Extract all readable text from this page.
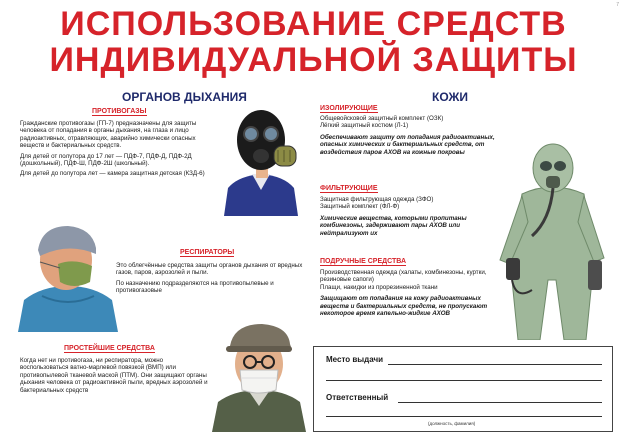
7
ИСПОЛЬЗОВАНИЕ СРЕДСТВ
ИНДИВИДУАЛЬНОЙ ЗАЩИТЫ
ОРГАНОВ ДЫХАНИЯ
ПРОТИВОГАЗЫ

Гражданские противогазы (ГП-7) предназначены для защиты человека от попадания в органы дыхания, на глаза и лицо радиоактивных, отравляющих, аварийно химически опасных веществ и бактериальных средств.

Для детей от полутора до 17 лет — ПДФ-7, ПДФ-Д, ПДФ-2Д (дошкольный), ПДФ-Ш, ПДФ-2Ш (школьный).

Для детей до полутора лет — камера защитная детская (КЗД-6)

РЕСПИРАТОРЫ

Это облегчённые средства защиты органов дыхания от вредных газов, паров, аэрозолей и пыли.

По назначению подразделяются на противопылевые и противогазовые

ПРОСТЕЙШИЕ СРЕДСТВА

Когда нет ни противогаза, ни респиратора, можно воспользоваться ватно-марлевой повязкой (ВМП) или противопылевой тканевой маской (ПТМ). Они защищают органы дыхания человека от радиоактивной пыли, вредных аэрозолей и бактериальных средств

КОЖИ
ИЗОЛИРУЮЩИЕ
Общевойсковой защитный комплект (ОЗК)
Лёгкий защитный костюм (Л-1)
Обеспечивают защиту от попадания радиоактивных, опасных химических и бактериальных средств, от воздействия паров АХОВ на кожные покровы
ФИЛЬТРУЮЩИЕ
Защитная фильтрующая одежда (ЗФО)
Защитный комплект (ФЛ-Ф)
Химические вещества, которыми пропитаны комбинезоны, задерживают пары АХОВ или нейтрализуют их
ПОДРУЧНЫЕ СРЕДСТВА
Производственная одежда (халаты, комбинезоны, куртки, резиновые сапоги)
Плащи, накидки из прорезиненной ткани
Защищают от попадания на кожу радиоактивных веществ и бактериальных средств, не пропускают некоторое время капельно-жидкие АХОВ
Место выдачи
Ответственный
(должность, фамилия)
